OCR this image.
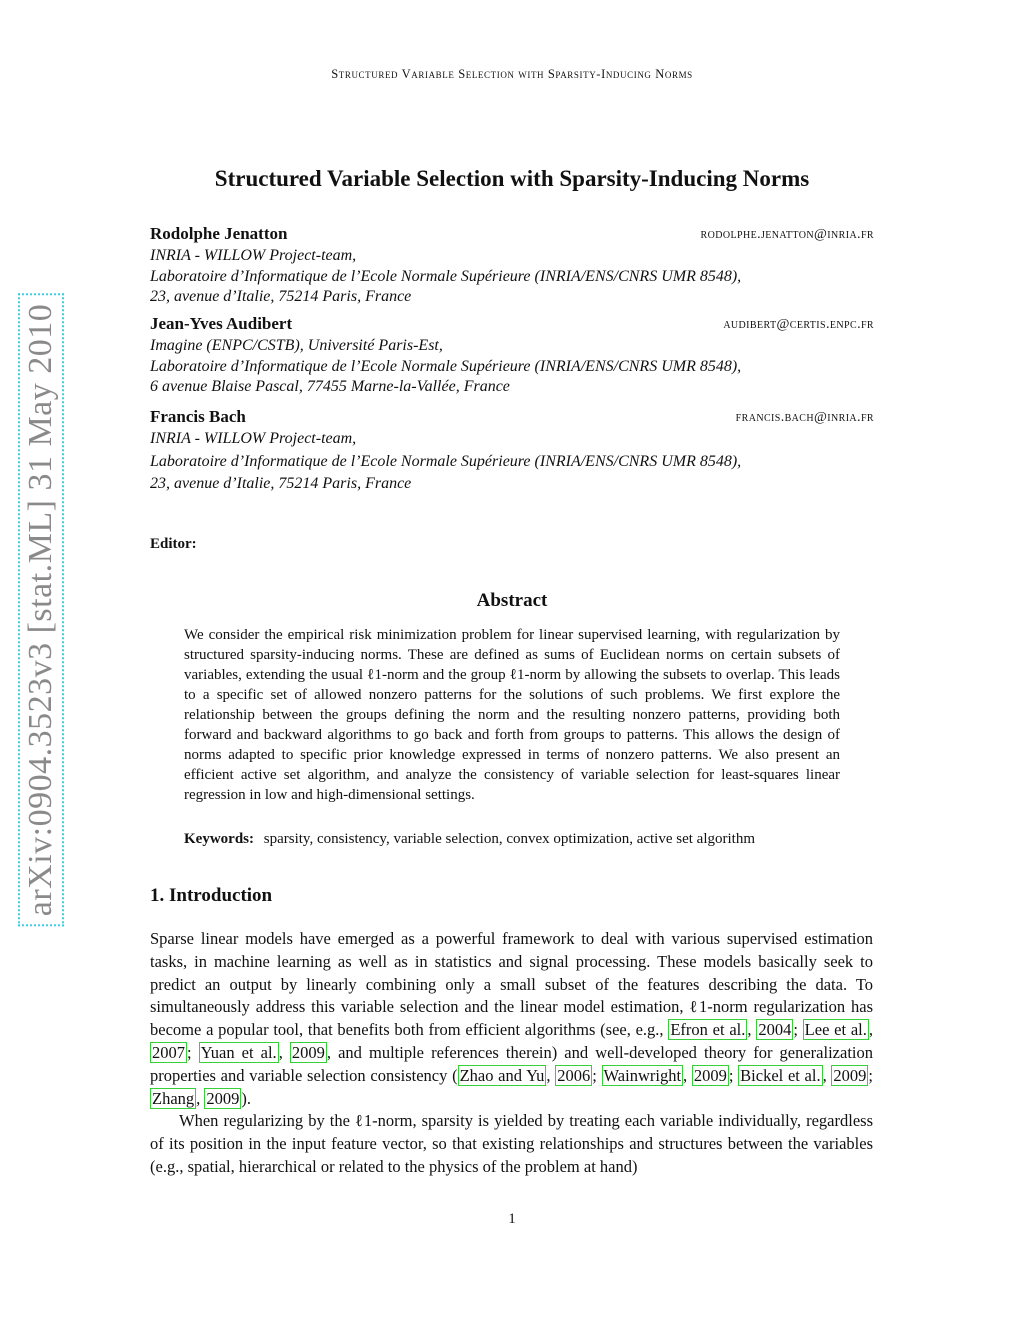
Structured Variable Selection with Sparsity-Inducing Norms
Structured Variable Selection with Sparsity-Inducing Norms
Rodolphe Jenatton	rodolphe.jenatton@inria.fr
INRIA - WILLOW Project-team,
Laboratoire d’Informatique de l’Ecole Normale Supérieure (INRIA/ENS/CNRS UMR 8548),
23, avenue d’Italie, 75214 Paris, France
Jean-Yves Audibert	audibert@certis.enpc.fr
Imagine (ENPC/CSTB), Université Paris-Est,
Laboratoire d’Informatique de l’Ecole Normale Supérieure (INRIA/ENS/CNRS UMR 8548),
6 avenue Blaise Pascal, 77455 Marne-la-Vallée, France
Francis Bach	francis.bach@inria.fr
INRIA - WILLOW Project-team,
Laboratoire d’Informatique de l’Ecole Normale Supérieure (INRIA/ENS/CNRS UMR 8548),
23, avenue d’Italie, 75214 Paris, France
Editor:
Abstract
We consider the empirical risk minimization problem for linear supervised learning, with regularization by structured sparsity-inducing norms. These are defined as sums of Euclidean norms on certain subsets of variables, extending the usual ℓ1-norm and the group ℓ1-norm by allowing the subsets to overlap. This leads to a specific set of allowed nonzero patterns for the solutions of such problems. We first explore the relationship between the groups defining the norm and the resulting nonzero patterns, providing both forward and backward algorithms to go back and forth from groups to patterns. This allows the design of norms adapted to specific prior knowledge expressed in terms of nonzero patterns. We also present an efficient active set algorithm, and analyze the consistency of variable selection for least-squares linear regression in low and high-dimensional settings.
Keywords: sparsity, consistency, variable selection, convex optimization, active set algorithm
1. Introduction

Sparse linear models have emerged as a powerful framework to deal with various supervised estimation tasks, in machine learning as well as in statistics and signal processing. These models basically seek to predict an output by linearly combining only a small subset of the features describing the data. To simultaneously address this variable selection and the linear model estimation, ℓ1-norm regularization has become a popular tool, that benefits both from efficient algorithms (see, e.g., Efron et al. , 2004 ; Lee et al. , 2007 ; Yuan et al. , 2009 , and multiple references therein) and well-developed theory for generalization properties and variable selection consistency ( Zhao and Yu , 2006 ; Wainwright , 2009 ; Bickel et al. , 2009 ; Zhang , 2009 ).

When regularizing by the ℓ1-norm, sparsity is yielded by treating each variable individually, regardless of its position in the input feature vector, so that existing relationships and structures between the variables (e.g., spatial, hierarchical or related to the physics of the problem at hand)

arXiv:0904.3523v3 [stat.ML] 31 May 2010
1
